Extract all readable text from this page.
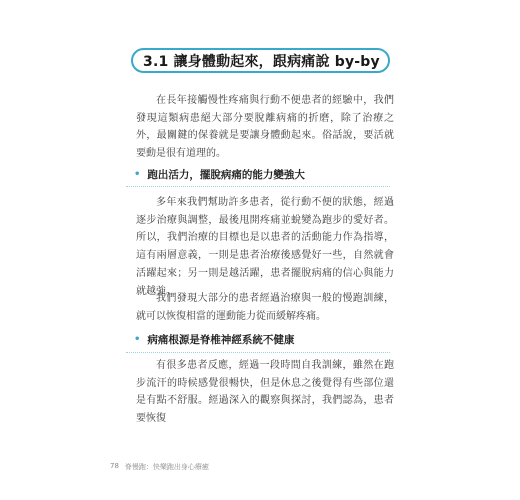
3.1 讓身體動起來，跟病痛說 by-by

在長年接觸慢性疼痛與行動不便患者的經驗中，我們發現這類病患絕大部分要脫離病痛的折磨，除了治療之外，最關鍵的保養就是要讓身體動起來。俗話說，要活就要動是很有道理的。

• 跑出活力，擺脫病痛的能力變強大

多年來我們幫助許多患者，從行動不便的狀態，經過逐步治療與調整，最後甩開疼痛並蛻變為跑步的愛好者。所以，我們治療的目標也是以患者的活動能力作為指導，這有兩層意義，一則是患者治療後感覺好一些，自然就會活躍起來；另一則是越活躍，患者擺脫病痛的信心與能力就越強。

我們發現大部分的患者經過治療與一般的慢跑訓練，就可以恢復相當的運動能力從而緩解疼痛。

• 病痛根源是脊椎神經系統不健康

有很多患者反應，經過一段時間自我訓練，雖然在跑步流汗的時候感覺很暢快，但是休息之後覺得有些部位還是有點不舒服。經過深入的觀察與探討，我們認為，患者要恢復

78 脊慢跑：快樂跑出身心療癒
